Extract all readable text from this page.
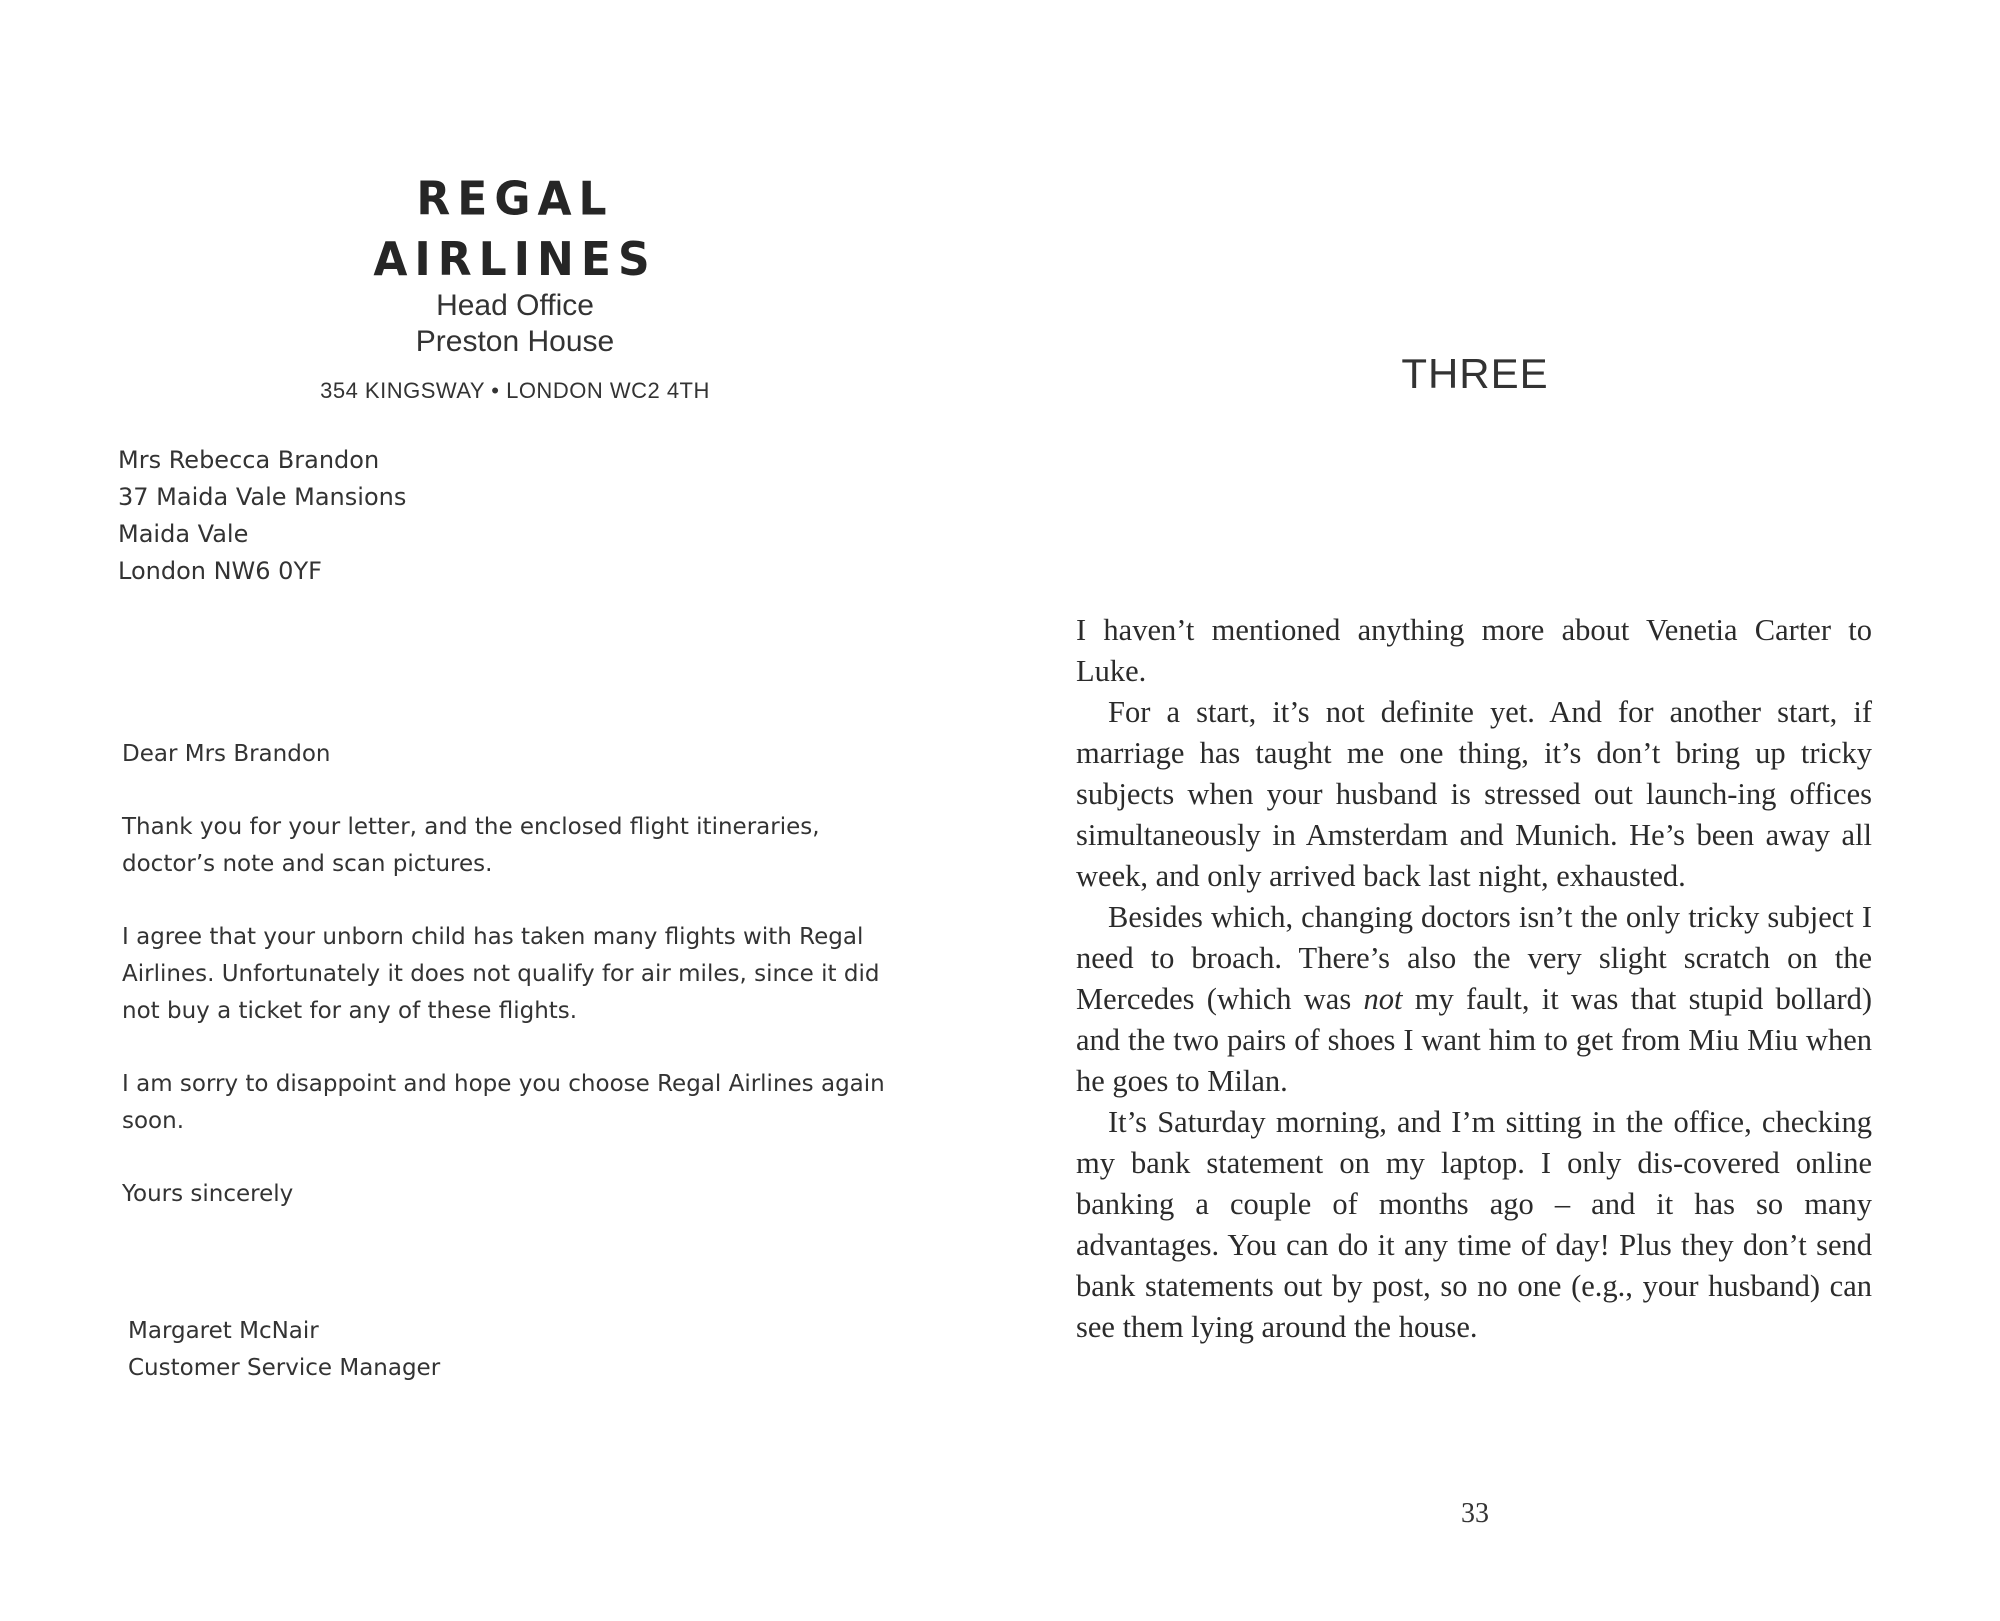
REGAL AIRLINES
Head Office
Preston House
354 KINGSWAY • LONDON WC2 4TH
Mrs Rebecca Brandon
37 Maida Vale Mansions
Maida Vale
London NW6 0YF

Dear Mrs Brandon

Thank you for your letter, and the enclosed flight itineraries, doctor’s note and scan pictures.

I agree that your unborn child has taken many flights with Regal Airlines. Unfortunately it does not qualify for air miles, since it did not buy a ticket for any of these flights.

I am sorry to disappoint and hope you choose Regal Airlines again soon.

Yours sincerely

Margaret McNair
Customer Service Manager
THREE

I haven’t mentioned anything more about Venetia Carter to Luke.

For a start, it’s not definite yet. And for another start, if marriage has taught me one thing, it’s don’t bring up tricky subjects when your husband is stressed out launch-ing offices simultaneously in Amsterdam and Munich. He’s been away all week, and only arrived back last night, exhausted.

Besides which, changing doctors isn’t the only tricky subject I need to broach. There’s also the very slight scratch on the Mercedes (which was not my fault, it was that stupid bollard) and the two pairs of shoes I want him to get from Miu Miu when he goes to Milan.

It’s Saturday morning, and I’m sitting in the office, checking my bank statement on my laptop. I only dis-covered online banking a couple of months ago – and it has so many advantages. You can do it any time of day! Plus they don’t send bank statements out by post, so no one (e.g., your husband) can see them lying around the house.

33
